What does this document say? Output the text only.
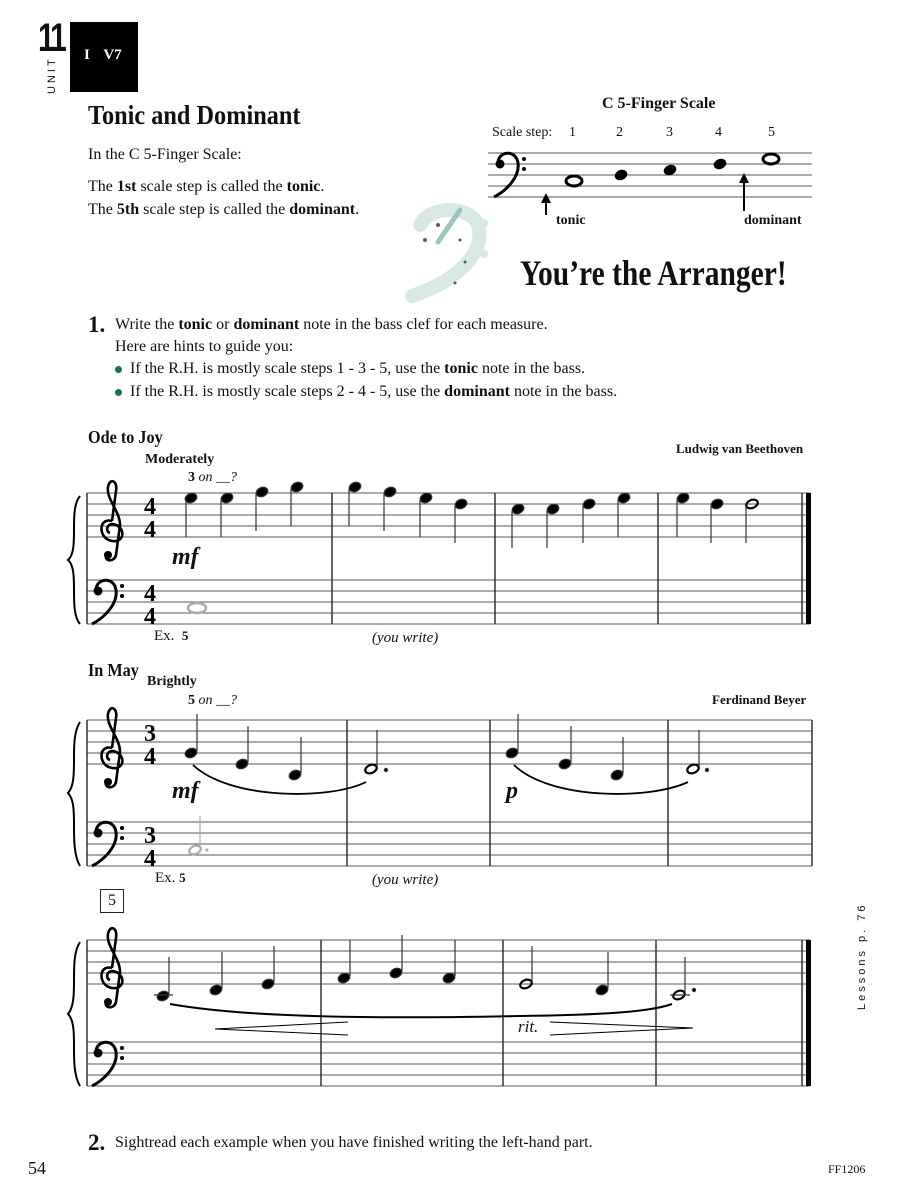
11
UNIT
I V7
Tonic and Dominant
In the C 5-Finger Scale:
The 1st scale step is called the tonic.
The 5th scale step is called the dominant.
C 5-Finger Scale
Scale step: 1	2	3	4	5
tonic	dominant
You’re the Arranger!
1. Write the tonic or dominant note in the bass clef for each measure.
Here are hints to guide you:
If the R.H. is mostly scale steps 1 - 3 - 5, use the tonic note in the bass.
If the R.H. is mostly scale steps 2 - 4 - 5, use the dominant note in the bass.
Ode to Joy
Moderately
Ludwig van Beethoven
3 on __?
mf
Ex. 5	(you write)
In May
Brightly
Ferdinand Beyer
5 on __?
mf	p
Ex. 5	(you write)
5
rit.
2. Sightread each example when you have finished writing the left-hand part.
Lessons p. 76
54	FF1206
4
4
4
4
3
4
3
4
